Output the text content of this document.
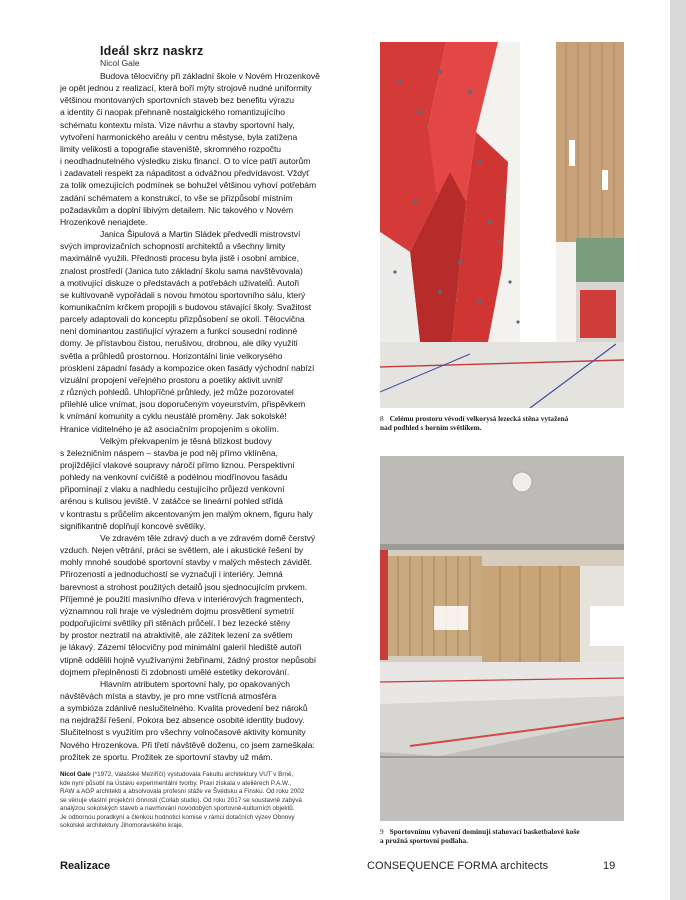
Ideál skrz naskrz
Nicol Gale
Budova tělocvičny při základní škole v Novém Hrozenkově
je opět jednou z realizací, která boří mýty strojově nudné uniformity
většinou montovaných sportovních staveb bez benefitu výrazu
a identity či naopak přehnaně nostalgického romantizujícího
schématu kontextu místa. Vize návrhu a stavby sportovní haly,
vytvoření harmonického areálu v centru městyse, byla zatížena
limity velikosti a topografie staveniště, skromného rozpočtu
i neodhadnutelného výsledku zisku financí. O to více patří autorům
i zadavateli respekt za nápaditost a odvážnou předvídavost. Vždyť
za tolik omezujících podmínek se bohužel většinou vyhoví potřebám
zadání schématem a konstrukcí, to vše se přizpůsobí místním
požadavkům a doplní libivým detailem. Nic takového v Novém
Hrozenkově nenajdete.
Janica Šipulová a Martin Sládek předvedli mistrovství
svých improvizačních schopností architektů a všechny limity
maximálně využili. Přednosti procesu byla jistě i osobní ambice,
znalost prostředí (Janica tuto základní školu sama navštěvovala)
a motivující diskuze o představách a potřebách uživatelů. Autoři
se kultivovaně vypořádali s novou hmotou sportovního sálu, který
komunikačním krčkem propojili s budovou stávající školy. Svažitost
parcely adaptovali do konceptu přizpůsobení se okolí. Tělocvična
není dominantou zastiňující výrazem a funkcí sousední rodinné
domy. Je přístavbou čistou, nerušivou, drobnou, ale díky využití
světla a průhledů prostornou. Horizontální linie velkorysého
prosklení západní fasády a kompozice oken fasády východní nabízí
vizuální propojení veřejného prostoru a poetiky aktivit uvnitř
z různých pohledů. Uhlopříčné průhledy, jež může pozorovatel
přilehlé ulice vnímat, jsou doporučeným voyeurstvím, přispěvkem
k vnímání komunity a cyklu neustálé proměny. Jak sokolské!
Hranice viditelného je až asociačním propojením s okolím.
Velkým překvapením je těsná blízkost budovy
s železničním náspem – stavba je pod něj přímo vklíněna,
projíždějící vlakové soupravy náročí přímo liznou. Perspektivní
pohledy na venkovní cvičiště a podélnou modřínovou fasádu
připomínají z vlaku a nadhledu cestujícího průjezd venkovní
arénou s kulisou jeviště. V zatáčce se lineární pohled střídá
v kontrastu s průčelím akcentovaným jen malým oknem, figuru haly
signifikantně doplňují koncové světlíky.
Ve zdravém těle zdravý duch a ve zdravém domě čerstvý
vzduch. Nejen větrání, práci se světlem, ale i akustické řešení by
mohly mnohé soudobé sportovní stavby v malých městech závidět.
Přirozeností a jednoduchostí se vyznačují i interiéry. Jemná
barevnost a strohost použitých detailů jsou sjednocujícím prvkem.
Příjemné je použití masivního dřeva v interiérových fragmentech,
významnou roli hraje ve výsledném dojmu prosvětlení symetrií
podpořujícími světlíky při stěnách průčelí. I bez lezecké stěny
by prostor neztratil na atraktivitě, ale zážitek lezení za světlem
je lákavý. Zázemí tělocvičny pod minimální galerií hlediště autoři
vtipně oddělili hojně využívanými žebřinami, žádný prostor nepůsobí
dojmem přeplněnosti či zdobnosti umělé estetiky dekorování.
Hlavním atributem sportovní haly, po opakovaných
návštěvách místa a stavby, je pro mne vstřícná atmosféra
a symbióza zdánlivě neslučitelného. Kvalita provedení bez nároků
na nejdražší řešení. Pokora bez absence osobité identity budovy.
Slučitelnost s využitím pro všechny volnočasové aktivity komunity
Nového Hrozenkova. Při třetí návštěvě doženu, co jsem zameškala:
prožitek ze sportu. Prožitek ze sportovní stavby už mám.
Nicol Gale (*1972, Valašské Meziříčí) vystudovala Fakultu architektury VUT v Brně,
kde nyní působí na Ústavu experimentální tvorby. Praxi získala v ateliérech P.A.W.,
RAW a AGP architekti a absolvovala profesní stáže ve Švédsku a Finsku. Od roku 2002
se věnuje vlastní projekční činnosti (Collab studio). Od roku 2017 se soustavně zabývá
analýzou sokolských staveb a navrhování novodobých sportovně-kulturních objektů.
Je odbornou poradkyní a členkou hodnoticí komise v rámci dotačních výzev Obnovy
sokolské architektury Jihomoravského kraje.
8 Celému prostoru vévodí velkorysá lezecká stěna vytažená
nad podhled s horním světlíkem.
9 Sportovnímu vybavení dominují stahovací basketbalové koše
a pružná sportovní podlaha.
Realizace	CONSEQUENCE FORMA architects	19
